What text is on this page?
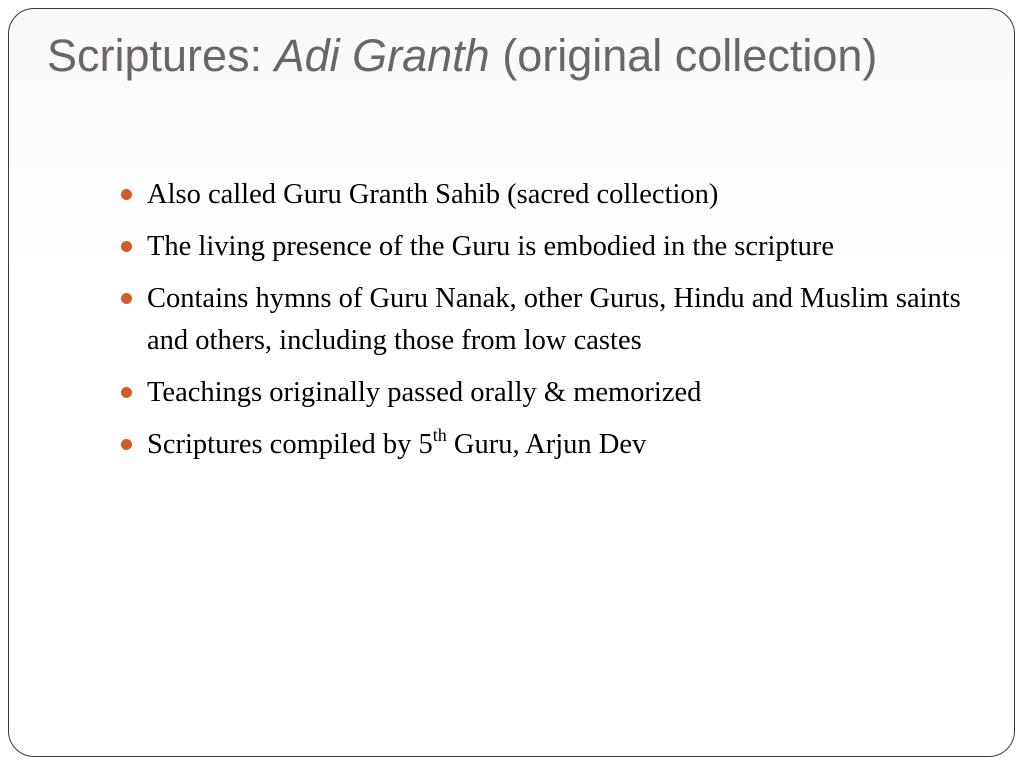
Scriptures: Adi Granth (original collection)
Also called Guru Granth Sahib (sacred collection)
The living presence of the Guru is embodied in the scripture
Contains hymns of Guru Nanak, other Gurus, Hindu and Muslim saints and others, including those from low castes
Teachings originally passed orally & memorized
Scriptures compiled by 5th Guru, Arjun Dev
